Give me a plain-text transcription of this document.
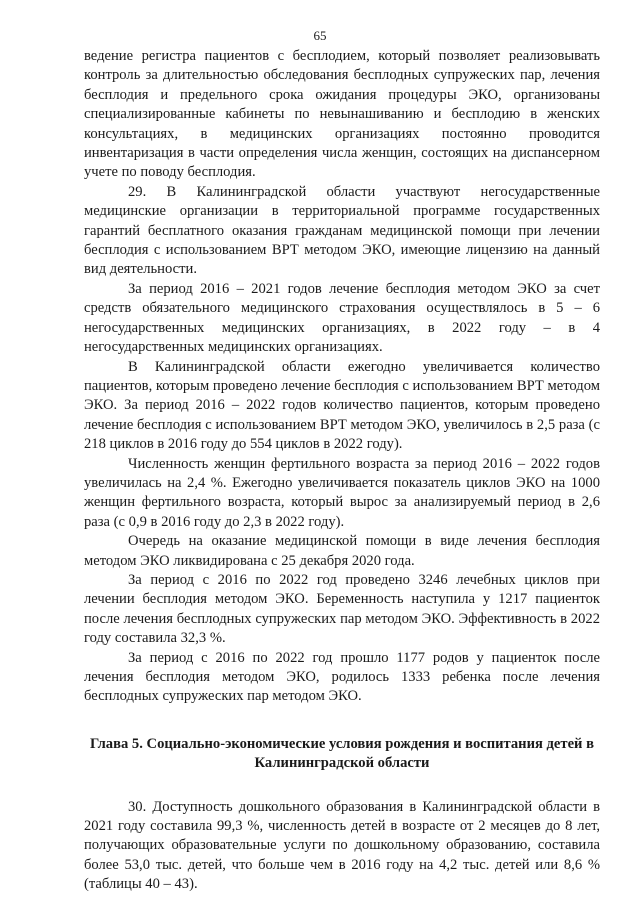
65

ведение регистра пациентов с бесплодием, который позволяет реализовывать контроль за длительностью обследования бесплодных супружеских пар, лечения бесплодия и предельного срока ожидания процедуры ЭКО, организованы специализированные кабинеты по невынашиванию и бесплодию в женских консультациях, в медицинских организациях постоянно проводится инвентаризация в части определения числа женщин, состоящих на диспансерном учете по поводу бесплодия.

29. В Калининградской области участвуют негосударственные медицинские организации в территориальной программе государственных гарантий бесплатного оказания гражданам медицинской помощи при лечении бесплодия с использованием ВРТ методом ЭКО, имеющие лицензию на данный вид деятельности.

За период 2016 – 2021 годов лечение бесплодия методом ЭКО за счет средств обязательного медицинского страхования осуществлялось в 5 – 6 негосударственных медицинских организациях, в 2022 году – в 4 негосударственных медицинских организациях.

В Калининградской области ежегодно увеличивается количество пациентов, которым проведено лечение бесплодия с использованием ВРТ методом ЭКО. За период 2016 – 2022 годов количество пациентов, которым проведено лечение бесплодия с использованием ВРТ методом ЭКО, увеличилось в 2,5 раза (с 218 циклов в 2016 году до 554 циклов в 2022 году).

Численность женщин фертильного возраста за период 2016 – 2022 годов увеличилась на 2,4 %. Ежегодно увеличивается показатель циклов ЭКО на 1000 женщин фертильного возраста, который вырос за анализируемый период в 2,6 раза (с 0,9 в 2016 году до 2,3 в 2022 году).

Очередь на оказание медицинской помощи в виде лечения бесплодия методом ЭКО ликвидирована с 25 декабря 2020 года.

За период с 2016 по 2022 год проведено 3246 лечебных циклов при лечении бесплодия методом ЭКО. Беременность наступила у 1217 пациенток после лечения бесплодных супружеских пар методом ЭКО. Эффективность в 2022 году составила 32,3 %.

За период с 2016 по 2022 год прошло 1177 родов у пациенток после лечения бесплодия методом ЭКО, родилось 1333 ребенка после лечения бесплодных супружеских пар методом ЭКО.

Глава 5. Социально-экономические условия рождения и воспитания детей в Калининградской области

30. Доступность дошкольного образования в Калининградской области в 2021 году составила 99,3 %, численность детей в возрасте от 2 месяцев до 8 лет, получающих образовательные услуги по дошкольному образованию, составила более 53,0 тыс. детей, что больше чем в 2016 году на 4,2 тыс. детей или 8,6 % (таблицы 40 – 43).
